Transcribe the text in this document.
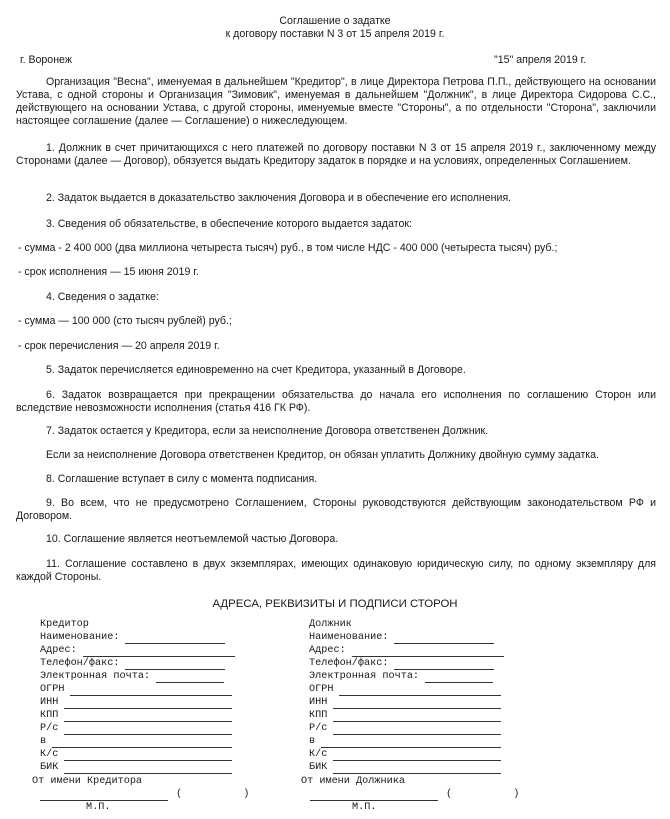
Соглашение о задатке
к договору поставки N 3 от 15 апреля 2019 г.
г. Воронеж	"15" апреля 2019 г.

Организация "Весна", именуемая в дальнейшем "Кредитор", в лице Директора Петрова П.П., действующего на основании Устава, с одной стороны и Организация "Зимовик", именуемая в дальнейшем "Должник", в лице Директора Сидорова С.С., действующего на основании Устава, с другой стороны, именуемые вместе "Стороны", а по отдельности "Сторона", заключили настоящее соглашение (далее — Соглашение) о нижеследующем.

1. Должник в счет причитающихся с него платежей по договору поставки N 3 от 15 апреля 2019 г., заключенному между Сторонами (далее — Договор), обязуется выдать Кредитору задаток в порядке и на условиях, определенных Соглашением.

2. Задаток выдается в доказательство заключения Договора и в обеспечение его исполнения.

3. Сведения об обязательстве, в обеспечение которого выдается задаток:

- сумма - 2 400 000 (два миллиона четыреста тысяч) руб., в том числе НДС - 400 000 (четыреста тысяч) руб.;

- срок исполнения — 15 июня 2019 г.

4. Сведения о задатке:

- сумма — 100 000 (сто тысяч рублей) руб.;

- срок перечисления — 20 апреля 2019 г.

5. Задаток перечисляется единовременно на счет Кредитора, указанный в Договоре.

6. Задаток возвращается при прекращении обязательства до начала его исполнения по соглашению Сторон или вследствие невозможности исполнения (статья 416 ГК РФ).

7. Задаток остается у Кредитора, если за неисполнение Договора ответственен Должник.

Если за неисполнение Договора ответственен Кредитор, он обязан уплатить Должнику двойную сумму задатка.

8. Соглашение вступает в силу с момента подписания.

9. Во всем, что не предусмотрено Соглашением, Стороны руководствуются действующим законодательством РФ и Договором.

10. Соглашение является неотъемлемой частью Договора.

11. Соглашение составлено в двух экземплярах, имеющих одинаковую юридическую силу, по одному экземпляру для каждой Стороны.

АДРЕСА, РЕКВИЗИТЫ И ПОДПИСИ СТОРОН
Кредитор
Наименование:
Адрес:
Телефон/факс:
Электронная почта:
ОГРН
ИНН
КПП
Р/с
в
К/с
БИК
От имени Кредитора
(          )
М.П.
Должник
Наименование:
Адрес:
Телефон/факс:
Электронная почта:
ОГРН
ИНН
КПП
Р/с
в
К/с
БИК
От имени Должника
(          )
М.П.
